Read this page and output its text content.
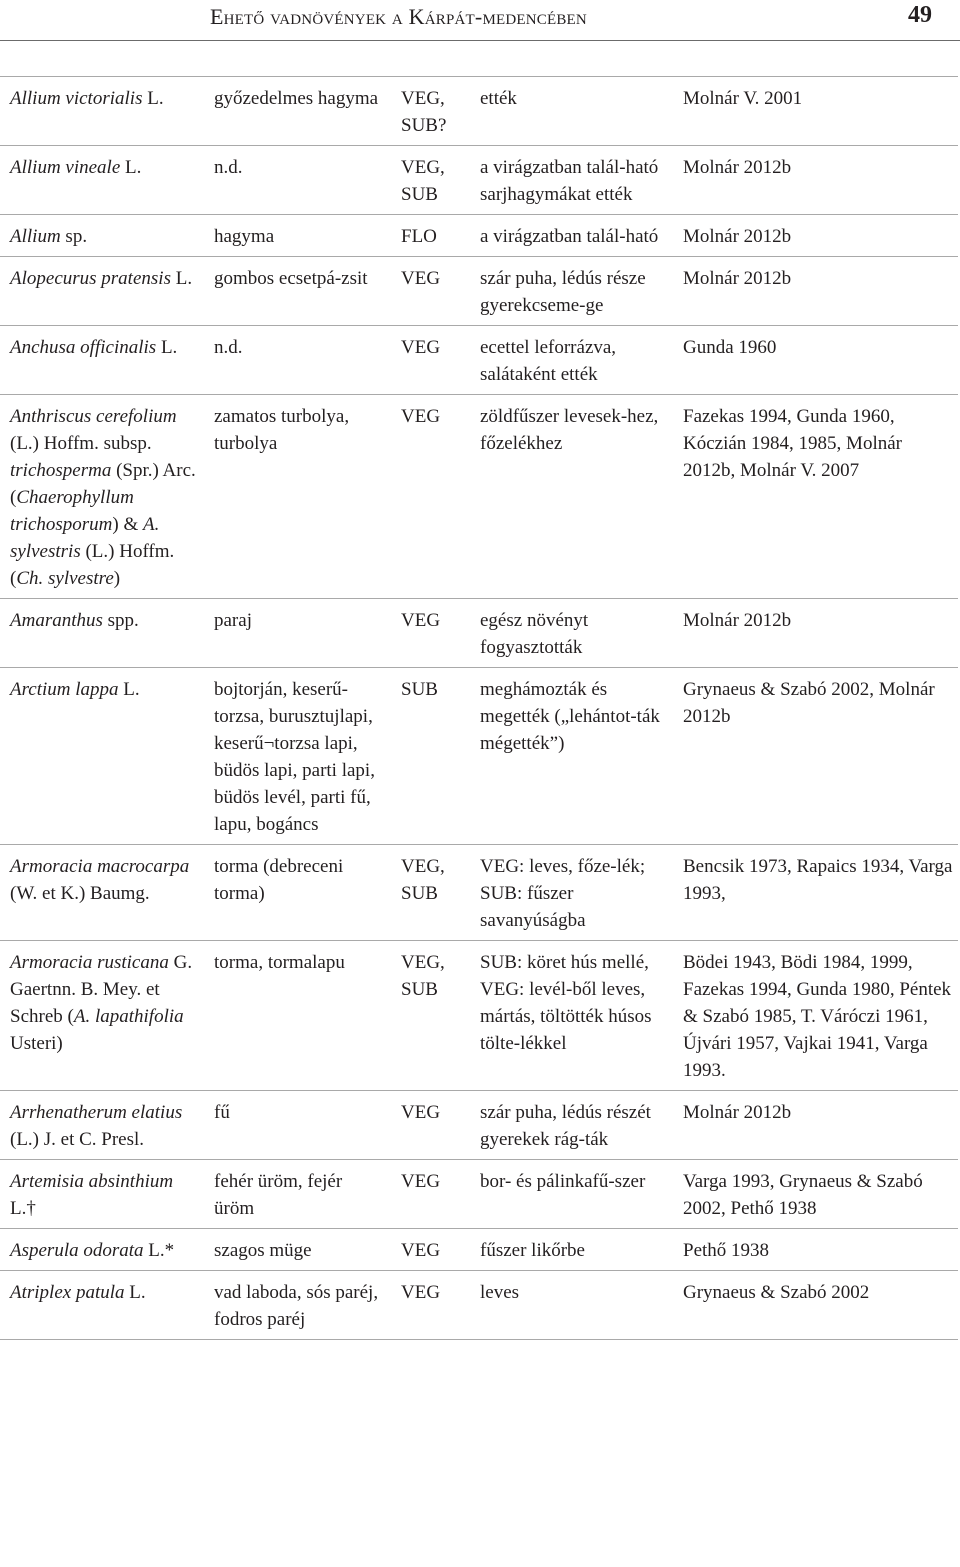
Ehető vadnövények a Kárpát-medencében	49
Allium victorialis L.	győzedelmes hagyma	VEG, SUB?	ették	Molnár V. 2001
Allium vineale L.	n.d.	VEG, SUB	a virágzatban talál-ható sarjhagymákat ették	Molnár 2012b
Allium sp.	hagyma	FLO	a virágzatban talál-ható	Molnár 2012b
Alopecurus pratensis L.	gombos ecsetpá-zsit	VEG	szár puha, lédús része gyerekcseme-ge	Molnár 2012b
Anchusa officinalis L.	n.d.	VEG	ecettel leforrázva, salátaként ették	Gunda 1960
Anthriscus cerefolium (L.) Hoffm. subsp. trichosperma (Spr.) Arc. (Chaerophyllum trichosporum) & A. sylvestris (L.) Hoffm. (Ch. sylvestre)	zamatos turbolya, turbolya	VEG	zöldfűszer levesek-hez, főzelékhez	Fazekas 1994, Gunda 1960, Kóczián 1984, 1985, Molnár 2012b, Molnár V. 2007
Amaranthus spp.	paraj	VEG	egész növényt fogyasztották	Molnár 2012b
Arctium lappa L.	bojtorján, keserű-torzsa, burusztujlapi, keserű¬torzsa lapi, büdös lapi, parti lapi, büdös levél, parti fű, lapu, bogáncs	SUB	meghámozták és megették („lehántot-ták mégették”)	Grynaeus & Szabó 2002, Molnár 2012b
Armoracia macrocarpa (W. et K.) Baumg.	torma (debreceni torma)	VEG, SUB	VEG: leves, főze-lék; SUB: fűszer savanyúságba	Bencsik 1973, Rapaics 1934, Varga 1993,
Armoracia rusticana G. Gaertnn. B. Mey. et Schreb (A. lapathifolia Usteri)	torma, tormalapu	VEG, SUB	SUB: köret hús mellé, VEG: levél-ből leves, mártás, töltötték húsos tölte-lékkel	Bödei 1943, Bödi 1984, 1999, Fazekas 1994, Gunda 1980, Péntek & Szabó 1985, T. Váróczi 1961, Újvári 1957, Vajkai 1941, Varga 1993.
Arrhenatherum elatius (L.) J. et C. Presl.	fű	VEG	szár puha, lédús részét gyerekek rág-ták	Molnár 2012b
Artemisia absinthium L.†	fehér üröm, fejér üröm	VEG	bor- és pálinkafű-szer	Varga 1993, Grynaeus & Szabó 2002, Pethő 1938
Asperula odorata L.*	szagos müge	VEG	fűszer likőrbe	Pethő 1938
Atriplex patula L.	vad laboda, sós paréj, fodros paréj	VEG	leves	Grynaeus & Szabó 2002
